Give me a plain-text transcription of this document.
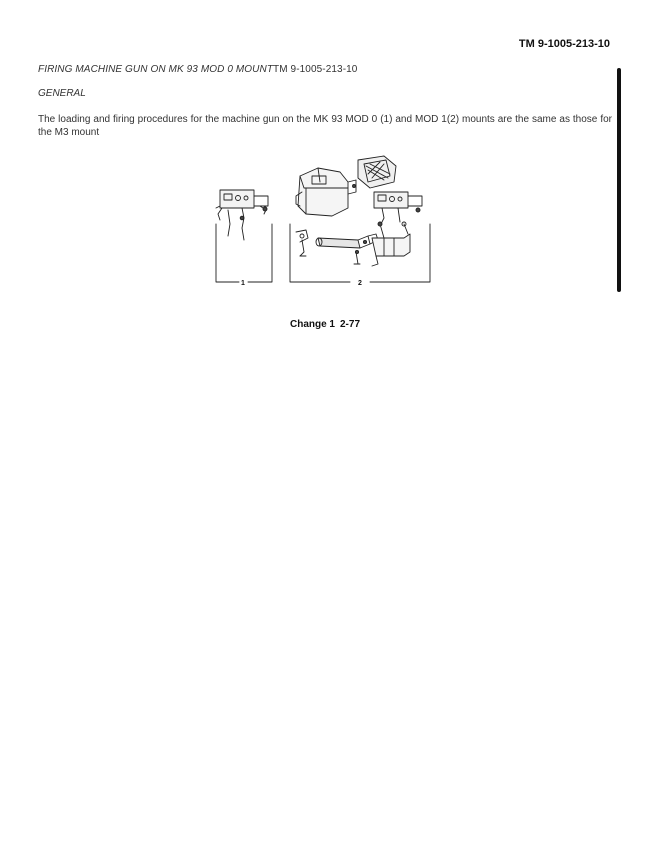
TM 9-1005-213-10
FIRING MACHINE GUN ON MK 93 MOD 0 MOUNTTM 9-1005-213-10
GENERAL
The loading and firing procedures for the machine gun on the MK 93 MOD 0 (1) and MOD 1(2) mounts are the same as those for the M3 mount
1	2
Change 1 2-77
